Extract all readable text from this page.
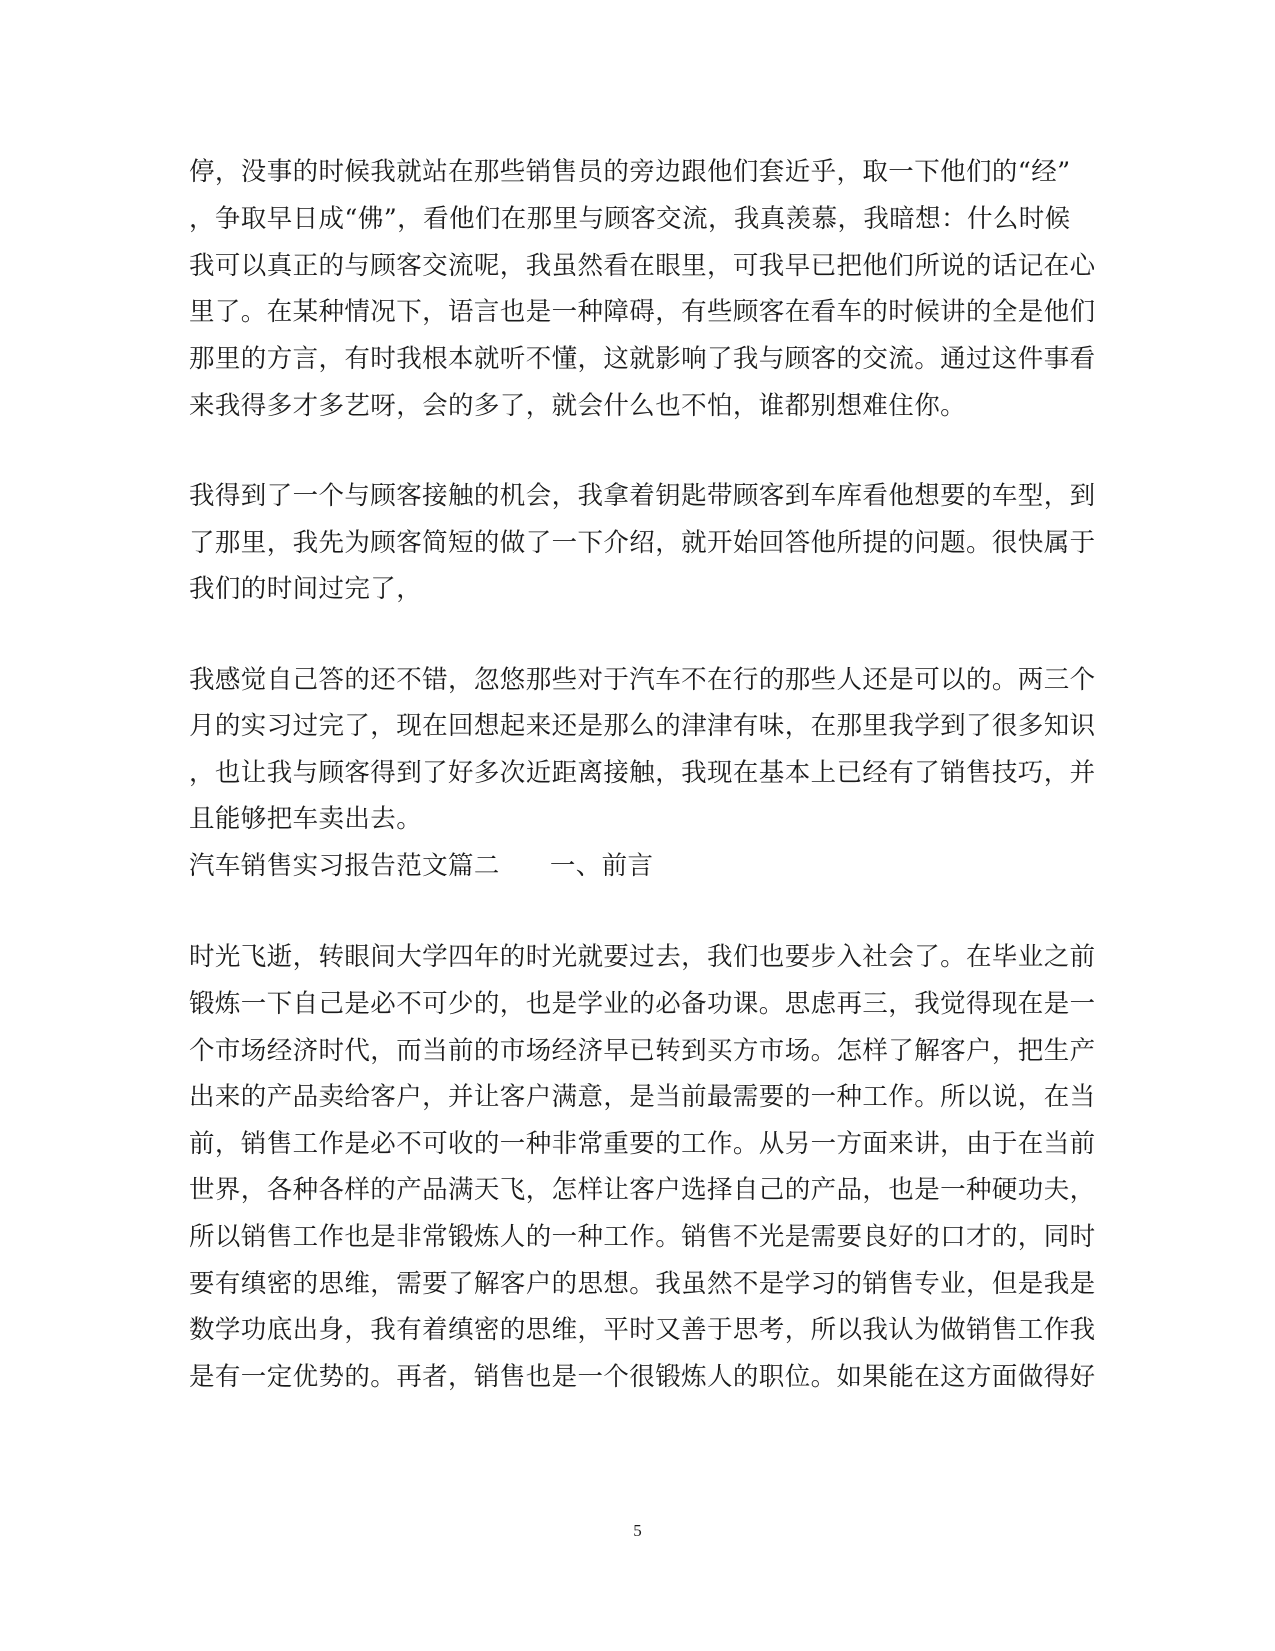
停，没事的时候我就站在那些销售员的旁边跟他们套近乎，取一下他们的“经”
，争取早日成“佛”，看他们在那里与顾客交流，我真羡慕，我暗想：什么时候
我可以真正的与顾客交流呢，我虽然看在眼里，可我早已把他们所说的话记在心
里了。在某种情况下，语言也是一种障碍，有些顾客在看车的时候讲的全是他们
那里的方言，有时我根本就听不懂，这就影响了我与顾客的交流。通过这件事看
来我得多才多艺呀，会的多了，就会什么也不怕，谁都别想难住你。
我得到了一个与顾客接触的机会，我拿着钥匙带顾客到车库看他想要的车型，到
了那里，我先为顾客简短的做了一下介绍，就开始回答他所提的问题。很快属于
我们的时间过完了，
我感觉自己答的还不错，忽悠那些对于汽车不在行的那些人还是可以的。两三个
月的实习过完了，现在回想起来还是那么的津津有味，在那里我学到了很多知识
，也让我与顾客得到了好多次近距离接触，我现在基本上已经有了销售技巧，并
且能够把车卖出去。
汽车销售实习报告范文篇二 一、前言
时光飞逝，转眼间大学四年的时光就要过去，我们也要步入社会了。在毕业之前
锻炼一下自己是必不可少的，也是学业的必备功课。思虑再三，我觉得现在是一
个市场经济时代，而当前的市场经济早已转到买方市场。怎样了解客户，把生产
出来的产品卖给客户，并让客户满意，是当前最需要的一种工作。所以说，在当
前，销售工作是必不可收的一种非常重要的工作。从另一方面来讲，由于在当前
世界，各种各样的产品满天飞，怎样让客户选择自己的产品，也是一种硬功夫，
所以销售工作也是非常锻炼人的一种工作。销售不光是需要良好的口才的，同时
要有缜密的思维，需要了解客户的思想。我虽然不是学习的销售专业，但是我是
数学功底出身，我有着缜密的思维，平时又善于思考，所以我认为做销售工作我
是有一定优势的。再者，销售也是一个很锻炼人的职位。如果能在这方面做得好
5
